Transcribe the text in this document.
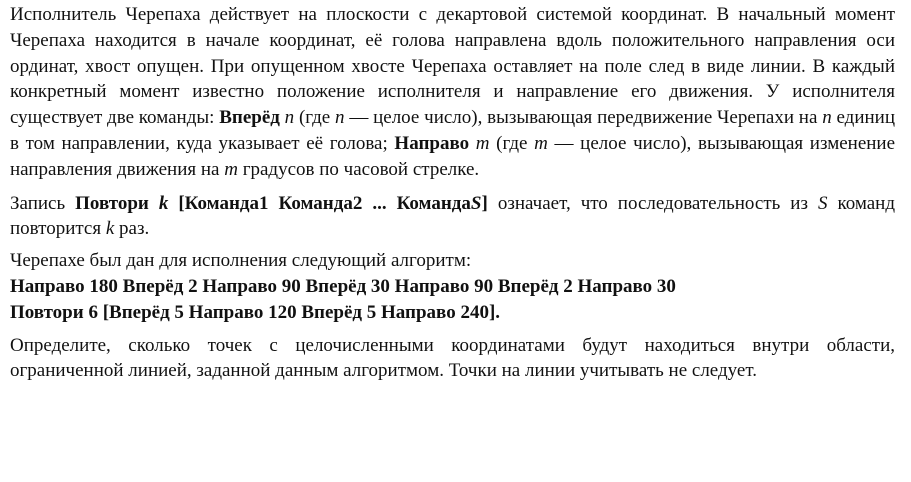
Исполнитель Черепаха действует на плоскости с декартовой системой координат. В начальный момент Черепаха находится в начале координат, её голова направлена вдоль положительного направления оси ординат, хвост опущен. При опущенном хвосте Черепаха оставляет на поле след в виде линии. В каждый конкретный момент известно положение исполнителя и направление его движения. У исполнителя существует две команды: Вперёд n (где n — целое число), вызывающая передвижение Черепахи на n единиц в том направлении, куда указывает её голова; Направо m (где m — целое число), вызывающая изменение направления движения на m градусов по часовой стрелке.

Запись Повтори k [Команда1 Команда2 ... КомандаS] означает, что последовательность из S команд повторится k раз.

Черепахе был дан для исполнения следующий алгоритм:

Направо 180 Вперёд 2 Направо 90 Вперёд 30 Направо 90 Вперёд 2 Направо 30
Повтори 6 [Вперёд 5 Направо 120 Вперёд 5 Направо 240].

Определите, сколько точек с целочисленными координатами будут находиться внутри области, ограниченной линией, заданной данным алгоритмом. Точки на линии учитывать не следует.
